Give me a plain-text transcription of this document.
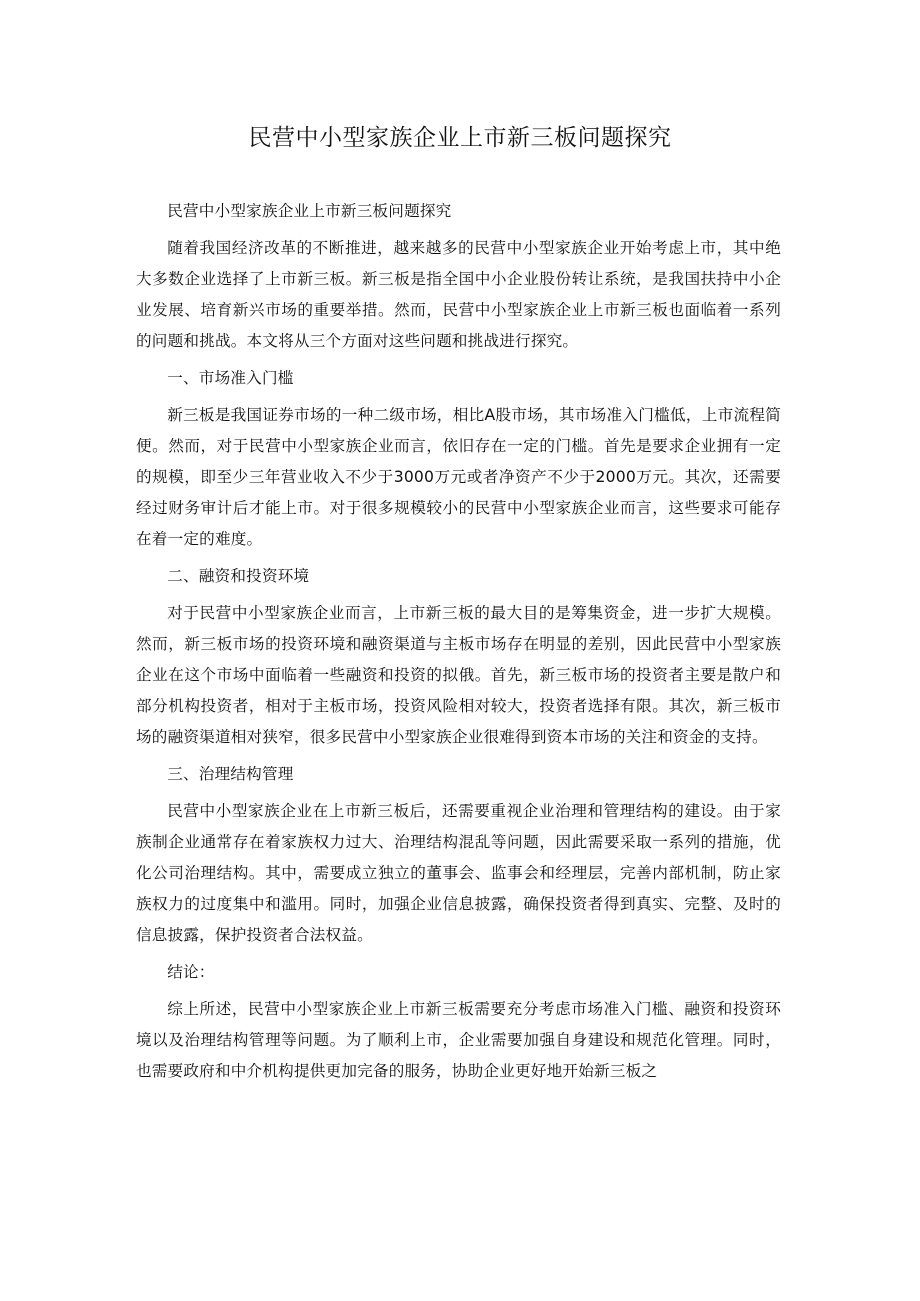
民营中小型家族企业上市新三板问题探究

民营中小型家族企业上市新三板问题探究

随着我国经济改革的不断推进，越来越多的民营中小型家族企业开始考虑上市，其中绝大多数企业选择了上市新三板。新三板是指全国中小企业股份转让系统，是我国扶持中小企业发展、培育新兴市场的重要举措。然而，民营中小型家族企业上市新三板也面临着一系列的问题和挑战。本文将从三个方面对这些问题和挑战进行探究。

一、市场准入门槛

新三板是我国证券市场的一种二级市场，相比A股市场，其市场准入门槛低，上市流程简便。然而，对于民营中小型家族企业而言，依旧存在一定的门槛。首先是要求企业拥有一定的规模，即至少三年营业收入不少于3000万元或者净资产不少于2000万元。其次，还需要经过财务审计后才能上市。对于很多规模较小的民营中小型家族企业而言，这些要求可能存在着一定的难度。

二、融资和投资环境

对于民营中小型家族企业而言，上市新三板的最大目的是筹集资金，进一步扩大规模。然而，新三板市场的投资环境和融资渠道与主板市场存在明显的差别，因此民营中小型家族企业在这个市场中面临着一些融资和投资的拟俄。首先，新三板市场的投资者主要是散户和部分机构投资者，相对于主板市场，投资风险相对较大，投资者选择有限。其次，新三板市场的融资渠道相对狭窄，很多民营中小型家族企业很难得到资本市场的关注和资金的支持。

三、治理结构管理

民营中小型家族企业在上市新三板后，还需要重视企业治理和管理结构的建设。由于家族制企业通常存在着家族权力过大、治理结构混乱等问题，因此需要采取一系列的措施，优化公司治理结构。其中，需要成立独立的董事会、监事会和经理层，完善内部机制，防止家族权力的过度集中和滥用。同时，加强企业信息披露，确保投资者得到真实、完整、及时的信息披露，保护投资者合法权益。

结论：

综上所述，民营中小型家族企业上市新三板需要充分考虑市场准入门槛、融资和投资环境以及治理结构管理等问题。为了顺利上市，企业需要加强自身建设和规范化管理。同时，也需要政府和中介机构提供更加完备的服务，协助企业更好地开始新三板之
